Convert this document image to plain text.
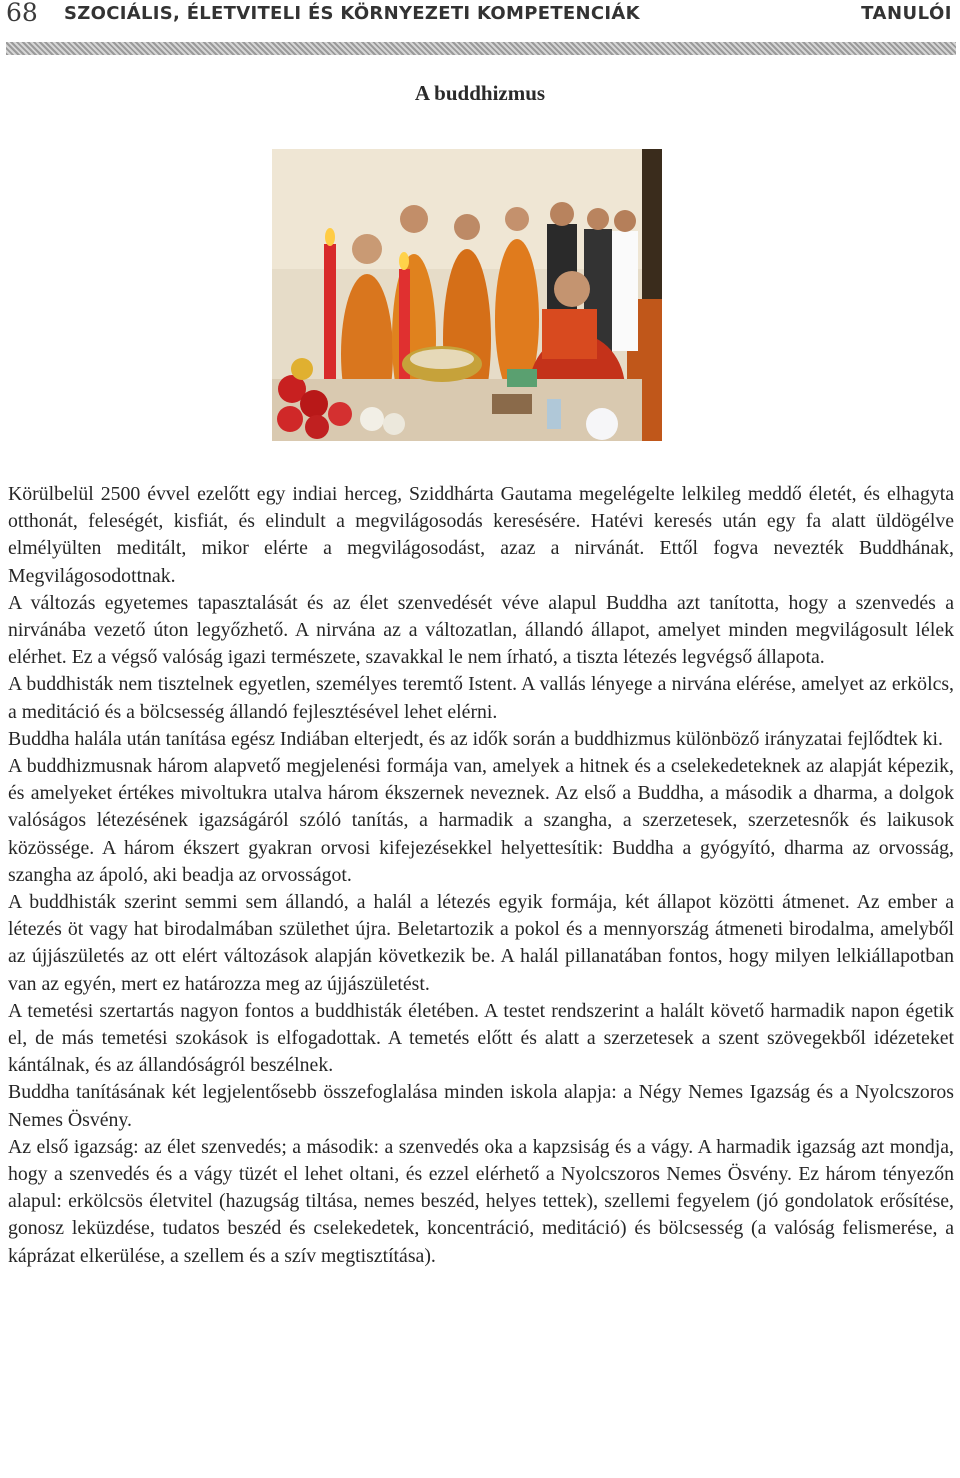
68 SZOCIÁLIS, ÉLETVITELI ÉS KÖRNYEZETI KOMPETENCIÁK	TANULÓI
A buddhizmus

Körülbelül 2500 évvel ezelőtt egy indiai herceg, Sziddhárta Gautama megelégelte lelkileg meddő életét, és elhagyta otthonát, feleségét, kisfiát, és elindult a megvilágosodás keresésére. Hatévi keresés után egy fa alatt üldögélve elmélyülten meditált, mikor elérte a megvilágosodást, azaz a nirvánát. Ettől fogva nevezték Buddhának, Megvilágosodottnak.

A változás egyetemes tapasztalását és az élet szenvedését véve alapul Buddha azt tanította, hogy a szenvedés a nirvánába vezető úton legyőzhető. A nirvána az a változatlan, állandó állapot, amelyet minden megvilágosult lélek elérhet. Ez a végső valóság igazi természete, szavakkal le nem írható, a tiszta létezés legvégső állapota.

A buddhisták nem tisztelnek egyetlen, személyes teremtő Istent. A vallás lényege a nirvána elérése, amelyet az erkölcs, a meditáció és a bölcsesség állandó fejlesztésével lehet elérni.

Buddha halála után tanítása egész Indiában elterjedt, és az idők során a buddhizmus különböző irányzatai fejlődtek ki.

A buddhizmusnak három alapvető megjelenési formája van, amelyek a hitnek és a cselekedeteknek az alapját képezik, és amelyeket értékes mivoltukra utalva három ékszernek neveznek. Az első a Buddha, a második a dharma, a dolgok valóságos létezésének igazságáról szóló tanítás, a harmadik a szangha, a szerzetesek, szerzetesnők és laikusok közössége. A három ékszert gyakran orvosi kifejezésekkel helyettesítik: Buddha a gyógyító, dharma az orvosság, szangha az ápoló, aki beadja az orvosságot.

A buddhisták szerint semmi sem állandó, a halál a létezés egyik formája, két állapot közötti átmenet. Az ember a létezés öt vagy hat birodalmában születhet újra. Beletartozik a pokol és a mennyország átmeneti birodalma, amelyből az újjászületés az ott elért változások alapján következik be. A halál pillanatában fontos, hogy milyen lelkiállapotban van az egyén, mert ez határozza meg az újjászületést.

A temetési szertartás nagyon fontos a buddhisták életében. A testet rendszerint a halált követő harmadik napon égetik el, de más temetési szokások is elfogadottak. A temetés előtt és alatt a szerzetesek a szent szövegekből idézeteket kántálnak, és az állandóságról beszélnek.

Buddha tanításának két legjelentősebb összefoglalása minden iskola alapja: a Négy Nemes Igazság és a Nyolcszoros Nemes Ösvény.

Az első igazság: az élet szenvedés; a második: a szenvedés oka a kapzsiság és a vágy. A harmadik igazság azt mondja, hogy a szenvedés és a vágy tüzét el lehet oltani, és ezzel elérhető a Nyolcszoros Nemes Ösvény. Ez három tényezőn alapul: erkölcsös életvitel (hazugság tiltása, nemes beszéd, helyes tettek), szellemi fegyelem (jó gondolatok erősítése, gonosz leküzdése, tudatos beszéd és cselekedetek, koncentráció, meditáció) és bölcsesség (a valóság felismerése, a káprázat elkerülése, a szellem és a szív megtisztítása).
